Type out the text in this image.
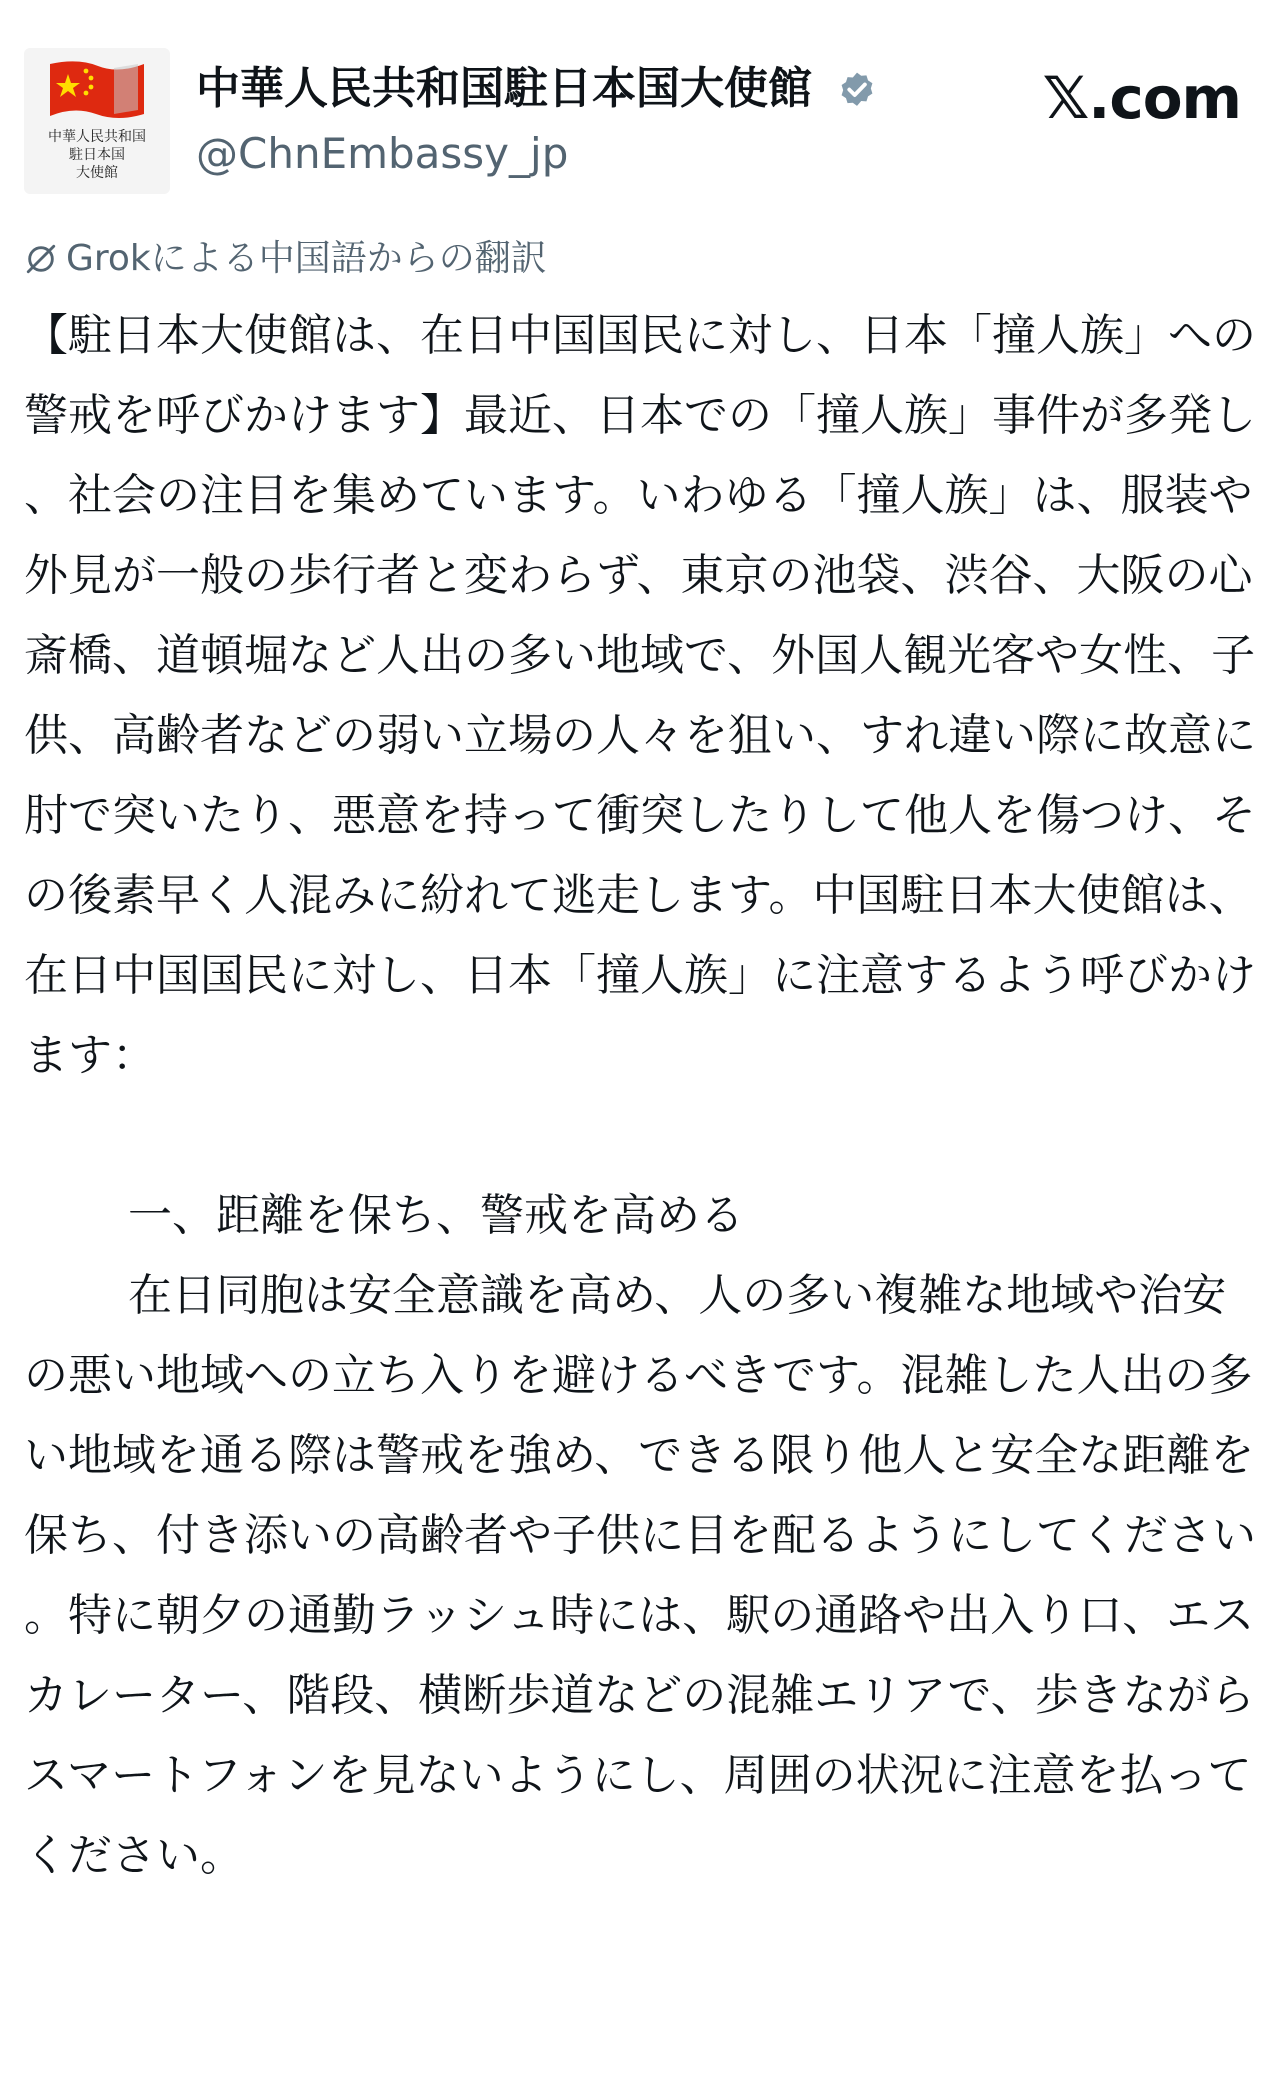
中華人民共和国
駐日本国
大使館
中華人民共和国駐日本国大使館
@ChnEmbassy_jp
𝕏.com
Grokによる中国語からの翻訳

【駐日本大使館は、在日中国国民に対し、日本「撞人族」への警戒を呼びかけます】最近、日本での「撞人族」事件が多発し、社会の注目を集めています。いわゆる「撞人族」は、服装や外見が一般の歩行者と変わらず、東京の池袋、渋谷、大阪の心斎橋、道頓堀など人出の多い地域で、外国人観光客や女性、子供、高齢者などの弱い立場の人々を狙い、すれ違い際に故意に肘で突いたり、悪意を持って衝突したりして他人を傷つけ、その後素早く人混みに紛れて逃走します。中国駐日本大使館は、在日中国国民に対し、日本「撞人族」に注意するよう呼びかけます：

一、距離を保ち、警戒を高める

在日同胞は安全意識を高め、人の多い複雑な地域や治安の悪い地域への立ち入りを避けるべきです。混雑した人出の多い地域を通る際は警戒を強め、できる限り他人と安全な距離を保ち、付き添いの高齢者や子供に目を配るようにしてください。特に朝夕の通勤ラッシュ時には、駅の通路や出入り口、エスカレーター、階段、横断歩道などの混雑エリアで、歩きながらスマートフォンを見ないようにし、周囲の状況に注意を払ってください。
